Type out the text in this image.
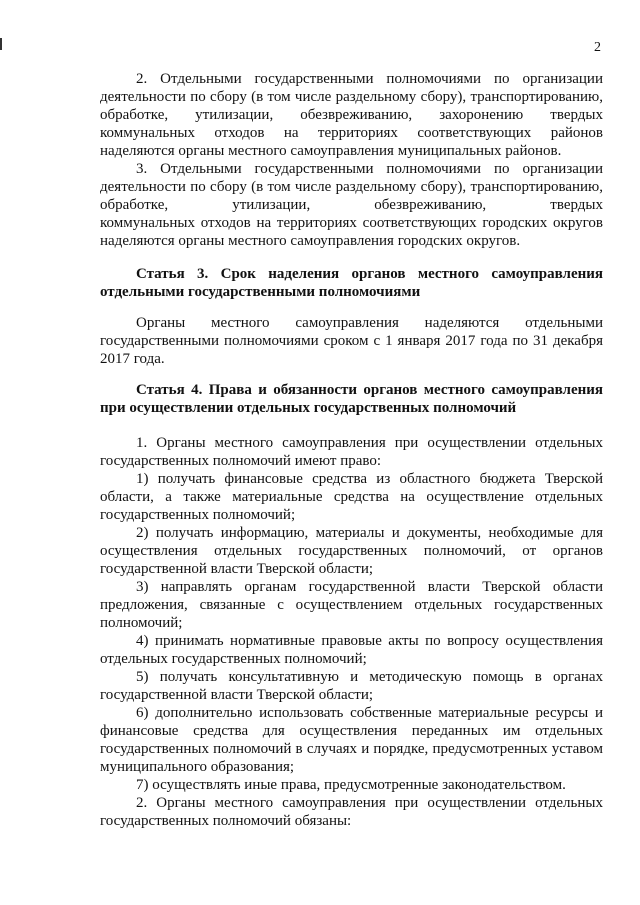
2
2. Отдельными государственными полномочиями по организации
деятельности по сбору (в том числе раздельному сбору), транспортированию,
обработке, утилизации, обезвреживанию, захоронению твердых
коммунальных отходов на территориях соответствующих районов
наделяются органы местного самоуправления муниципальных районов.
3. Отдельными государственными полномочиями по организации
деятельности по сбору (в том числе раздельному сбору), транспортированию,
обработке, утилизации, обезвреживанию, твердых
коммунальных отходов на территориях соответствующих городских округов
наделяются органы местного самоуправления городских округов.
Статья 3. Срок наделения органов местного самоуправления
отдельными государственными полномочиями
Органы местного самоуправления наделяются отдельными
государственными полномочиями сроком с 1 января 2017 года по 31 декабря
2017 года.
Статья 4. Права и обязанности органов местного самоуправления
при осуществлении отдельных государственных полномочий
1. Органы местного самоуправления при осуществлении отдельных
государственных полномочий имеют право:
1) получать финансовые средства из областного бюджета Тверской
области, а также материальные средства на осуществление отдельных
государственных полномочий;
2) получать информацию, материалы и документы, необходимые для
осуществления отдельных государственных полномочий, от органов
государственной власти Тверской области;
3) направлять органам государственной власти Тверской области
предложения, связанные с осуществлением отдельных государственных
полномочий;
4) принимать нормативные правовые акты по вопросу осуществления
отдельных государственных полномочий;
5) получать консультативную и методическую помощь в органах
государственной власти Тверской области;
6) дополнительно использовать собственные материальные ресурсы и
финансовые средства для осуществления переданных им отдельных
государственных полномочий в случаях и порядке, предусмотренных уставом
муниципального образования;
7) осуществлять иные права, предусмотренные законодательством.
2. Органы местного самоуправления при осуществлении отдельных
государственных полномочий обязаны:
